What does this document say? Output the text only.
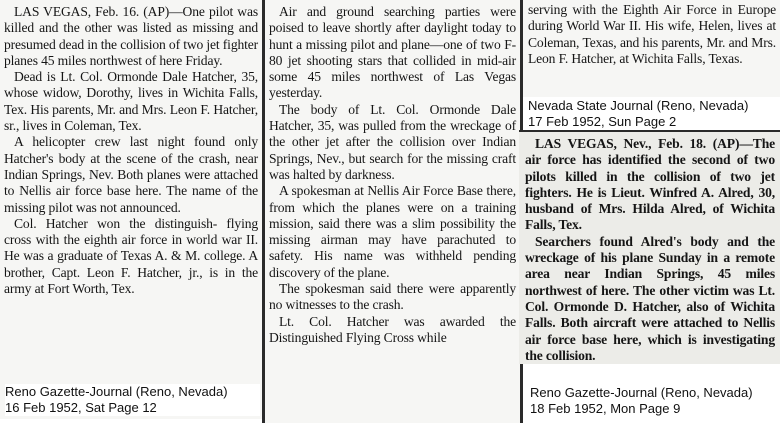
LAS VEGAS, Feb. 16. (AP)—One pilot was killed and the other was listed as missing and presumed dead in the collision of two jet fighter planes 45 miles northwest of here Friday.

Dead is Lt. Col. Ormonde Dale Hatcher, 35, whose widow, Dorothy, lives in Wichita Falls, Tex. His parents, Mr. and Mrs. Leon F. Hatcher, sr., lives in Coleman, Tex.

A helicopter crew last night found only Hatcher's body at the scene of the crash, near Indian Springs, Nev. Both planes were attached to Nellis air force base here. The name of the missing pilot was not announced.

Col. Hatcher won the distinguish- flying cross with the eighth air force in world war II. He was a graduate of Texas A. & M. college. A brother, Capt. Leon F. Hatcher, jr., is in the army at Fort Worth, Tex.

Reno Gazette-Journal (Reno, Nevada)
16 Feb 1952, Sat Page 12

Air and ground searching parties were poised to leave shortly after daylight today to hunt a missing pilot and plane—one of two F-80 jet shooting stars that collided in mid-air some 45 miles northwest of Las Vegas yesterday.

The body of Lt. Col. Ormonde Dale Hatcher, 35, was pulled from the wreckage of the other jet after the collision over Indian Springs, Nev., but search for the missing craft was halted by darkness.

A spokesman at Nellis Air Force Base there, from which the planes were on a training mission, said there was a slim possibility the missing airman may have parachuted to safety. His name was withheld pending discovery of the plane.

The spokesman said there were apparently no witnesses to the crash.

Lt. Col. Hatcher was awarded the Distinguished Flying Cross while

serving with the Eighth Air Force in Europe during World War II. His wife, Helen, lives at Coleman, Texas, and his parents, Mr. and Mrs. Leon F. Hatcher, at Wichita Falls, Texas.

Nevada State Journal (Reno, Nevada)
17 Feb 1952, Sun Page 2

LAS VEGAS, Nev., Feb. 18. (AP)—The air force has identified the second of two pilots killed in the collision of two jet fighters. He is Lieut. Winfred A. Alred, 30, husband of Mrs. Hilda Alred, of Wichita Falls, Tex.

Searchers found Alred's body and the wreckage of his plane Sunday in a remote area near Indian Springs, 45 miles northwest of here. The other victim was Lt. Col. Ormonde D. Hatcher, also of Wichita Falls. Both aircraft were attached to Nellis air force base here, which is investigating the collision.

Reno Gazette-Journal (Reno, Nevada)
18 Feb 1952, Mon Page 9
